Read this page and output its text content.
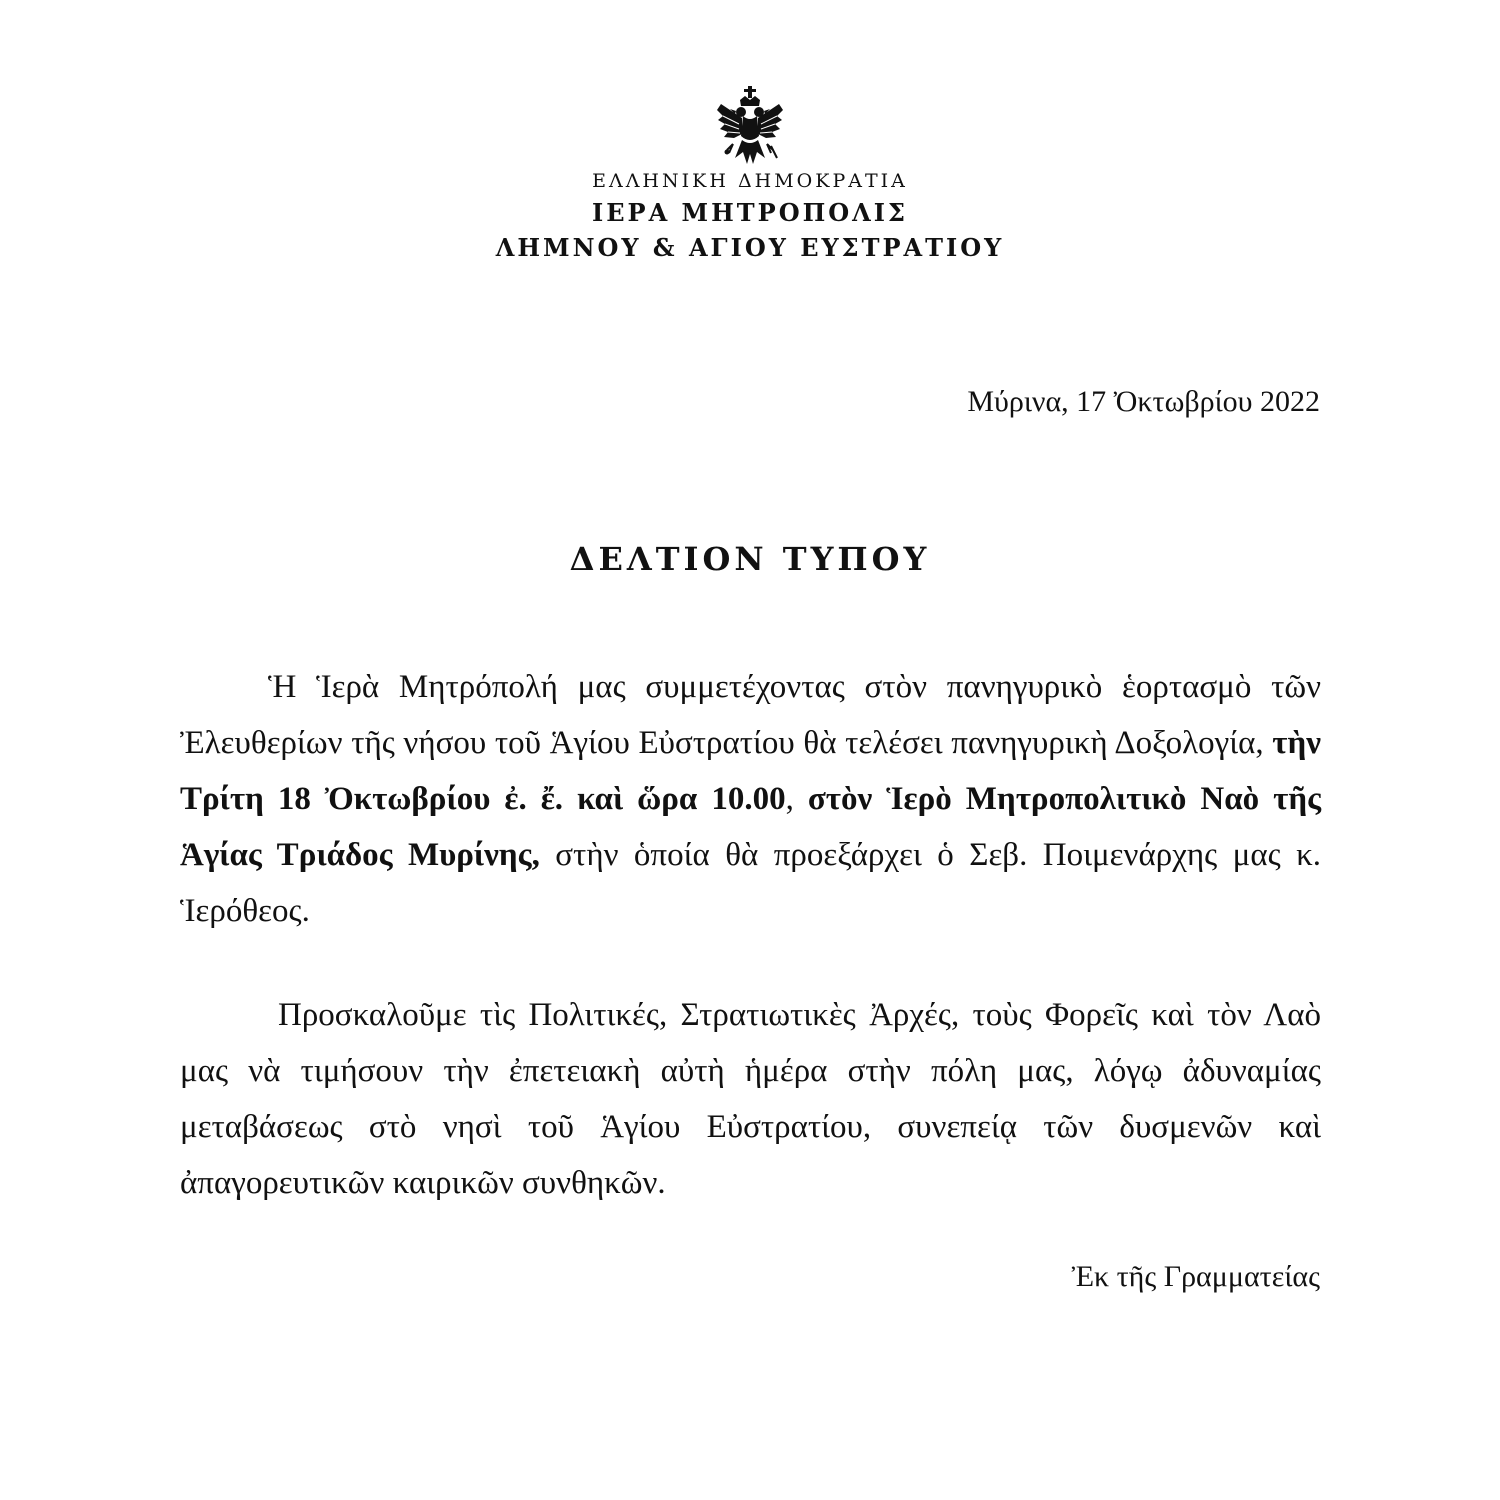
ΕΛΛΗΝΙΚΗ ΔΗΜΟΚΡΑΤΙΑ
ΙΕΡΑ ΜΗΤΡΟΠΟΛΙΣ
ΛΗΜΝΟΥ & ΑΓΙΟΥ ΕΥΣΤΡΑΤΙΟΥ
Μύρινα, 17 Ὀκτωβρίου 2022
ΔΕΛΤΙΟΝ ΤΥΠΟΥ

Ἡ Ἱερὰ Μητρόπολή μας συμμετέχοντας στὸν πανηγυρικὸ ἑορτασμὸ τῶν Ἐλευθερίων τῆς νήσου τοῦ Ἁγίου Εὐστρατίου θὰ τελέσει πανηγυρικὴ Δοξολογία, τὴν Τρίτη 18 Ὀκτωβρίου ἐ. ἔ. καὶ ὥρα 10.00, στὸν Ἱερὸ Μητροπολιτικὸ Ναὸ τῆς Ἁγίας Τριάδος Μυρίνης, στὴν ὁποία θὰ προεξάρχει ὁ Σεβ. Ποιμενάρχης μας κ. Ἱερόθεος.

Προσκαλοῦμε τὶς Πολιτικές, Στρατιωτικὲς Ἀρχές, τοὺς Φορεῖς καὶ τὸν Λαὸ μας νὰ τιμήσουν τὴν ἐπετειακὴ αὐτὴ ἡμέρα στὴν πόλη μας, λόγῳ ἀδυναμίας μεταβάσεως στὸ νησὶ τοῦ Ἁγίου Εὐστρατίου, συνεπείᾳ τῶν δυσμενῶν καὶ ἀπαγορευτικῶν καιρικῶν συνθηκῶν.

Ἐκ τῆς Γραμματείας
